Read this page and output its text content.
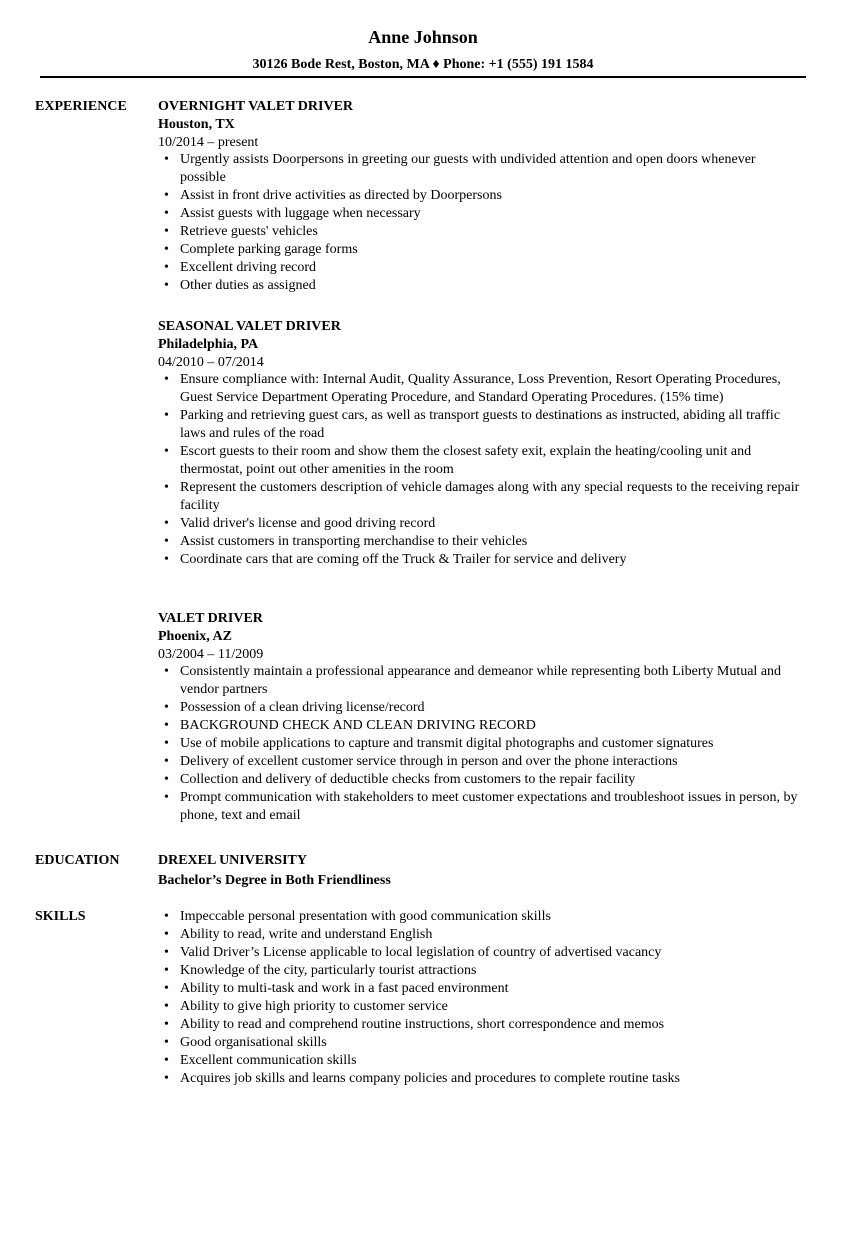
Anne Johnson
30126 Bode Rest, Boston, MA ♦ Phone: +1 (555) 191 1584
EXPERIENCE OVERNIGHT VALET DRIVER
Houston, TX
10/2014 – present
• Urgently assists Doorpersons in greeting our guests with undivided attention and open doors whenever possible
• Assist in front drive activities as directed by Doorpersons
• Assist guests with luggage when necessary
• Retrieve guests' vehicles
• Complete parking garage forms
• Excellent driving record
• Other duties as assigned
SEASONAL VALET DRIVER
Philadelphia, PA
04/2010 – 07/2014
• Ensure compliance with: Internal Audit, Quality Assurance, Loss Prevention, Resort Operating Procedures, Guest Service Department Operating Procedure, and Standard Operating Procedures. (15% time)
• Parking and retrieving guest cars, as well as transport guests to destinations as instructed, abiding all traffic laws and rules of the road
• Escort guests to their room and show them the closest safety exit, explain the heating/cooling unit and thermostat, point out other amenities in the room
• Represent the customers description of vehicle damages along with any special requests to the receiving repair facility
• Valid driver's license and good driving record
• Assist customers in transporting merchandise to their vehicles
• Coordinate cars that are coming off the Truck & Trailer for service and delivery
VALET DRIVER
Phoenix, AZ
03/2004 – 11/2009
• Consistently maintain a professional appearance and demeanor while representing both Liberty Mutual and vendor partners
• Possession of a clean driving license/record
• BACKGROUND CHECK AND CLEAN DRIVING RECORD
• Use of mobile applications to capture and transmit digital photographs and customer signatures
• Delivery of excellent customer service through in person and over the phone interactions
• Collection and delivery of deductible checks from customers to the repair facility
• Prompt communication with stakeholders to meet customer expectations and troubleshoot issues in person, by phone, text and email
EDUCATION	DREXEL UNIVERSITY
Bachelor’s Degree in Both Friendliness
SKILLS
•	Impeccable personal presentation with good communication skills
• Ability to read, write and understand English
• Valid Driver’s License applicable to local legislation of country of advertised vacancy
• Knowledge of the city, particularly tourist attractions
• Ability to multi-task and work in a fast paced environment
• Ability to give high priority to customer service
• Ability to read and comprehend routine instructions, short correspondence and memos
• Good organisational skills
• Excellent communication skills
• Acquires job skills and learns company policies and procedures to complete routine tasks
